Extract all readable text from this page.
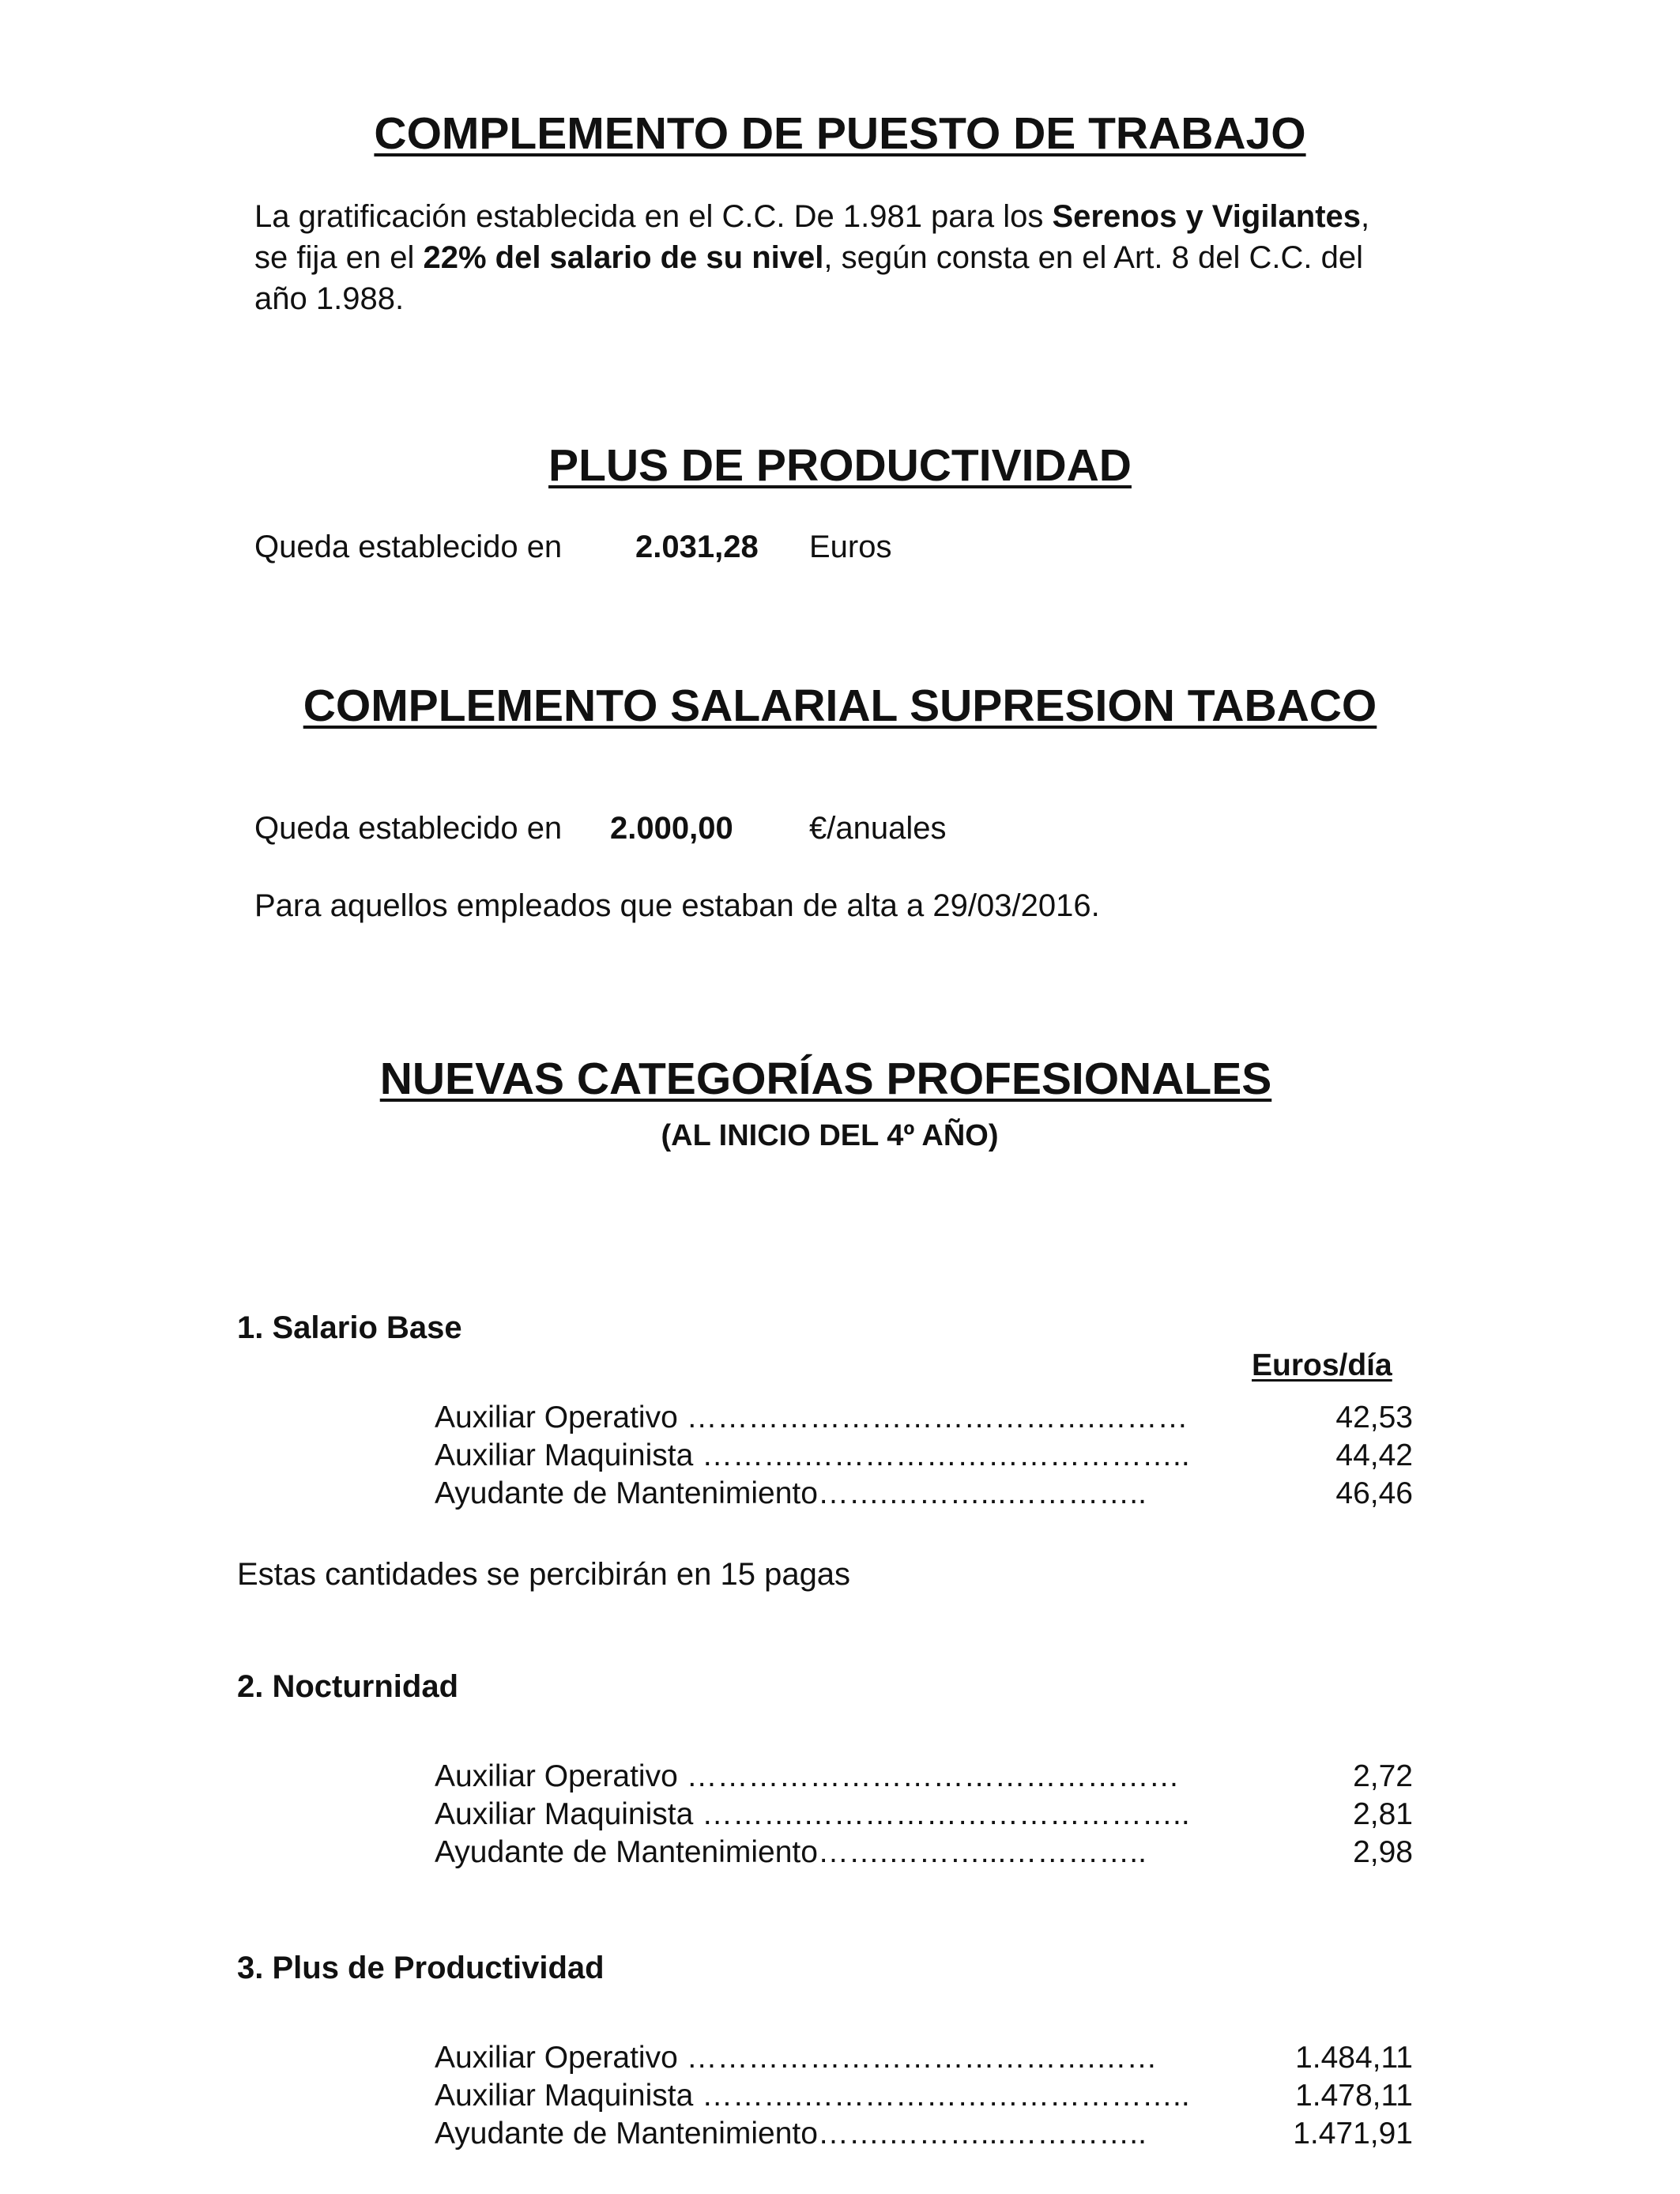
COMPLEMENTO DE PUESTO DE TRABAJO
La gratificación establecida en el C.C. De 1.981 para los Serenos y Vigilantes,
se fija en el 22% del salario de su nivel, según consta en el Art. 8 del C.C. del
año 1.988.
PLUS DE PRODUCTIVIDAD
Queda establecido en 2.031,28 Euros
COMPLEMENTO SALARIAL SUPRESION TABACO
Queda establecido en 2.000,00 €/anuales
Para aquellos empleados que estaban de alta a 29/03/2016.
NUEVAS CATEGORÍAS PROFESIONALES
(AL INICIO DEL 4º AÑO)
1. Salario Base
Euros/día
Auxiliar Operativo ………………………………….………	42,53
Auxiliar Maquinista ……….………………………………..	44,42
Ayudante de Mantenimiento…….………...…………..	46,46
Estas cantidades se percibirán en 15 pagas
2. Nocturnidad
Auxiliar Operativo …………………………………………	2,72
Auxiliar Maquinista ……….………………………………..	2,81
Ayudante de Mantenimiento…….………...…………..	2,98
3. Plus de Productividad
Auxiliar Operativo ………………………………….……	1.484,11
Auxiliar Maquinista ……….………………………………..	1.478,11
Ayudante de Mantenimiento…….………...…………..	1.471,91
